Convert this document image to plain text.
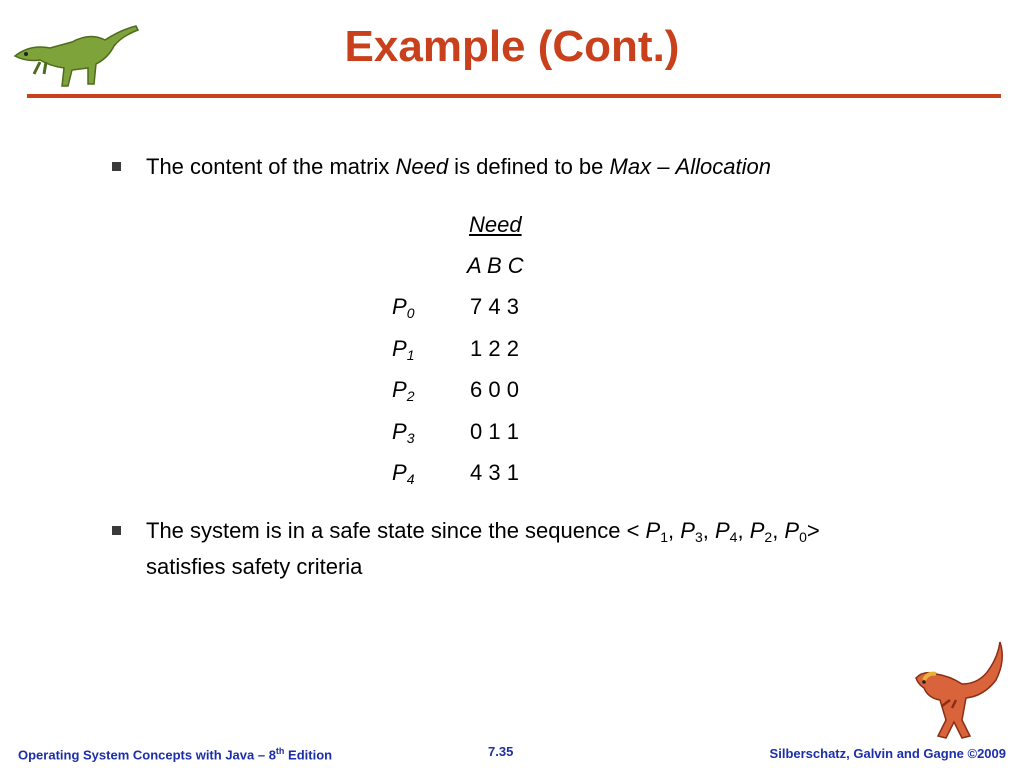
Example (Cont.)
The content of the matrix Need is defined to be Max – Allocation
Need
A B C
$P_0$	7 4 3
$P_1$	1 2 2
$P_2$	6 0 0
$P_3$	0 1 1
$P_4$	4 3 1
The system is in a safe state since the sequence < $P_1$, $P_3$, $P_4$, $P_2$, $P_0>$
satisfies safety criteria
Operating System Concepts with Java – 8th Edition	7.35	Silberschatz, Galvin and Gagne ©2009
